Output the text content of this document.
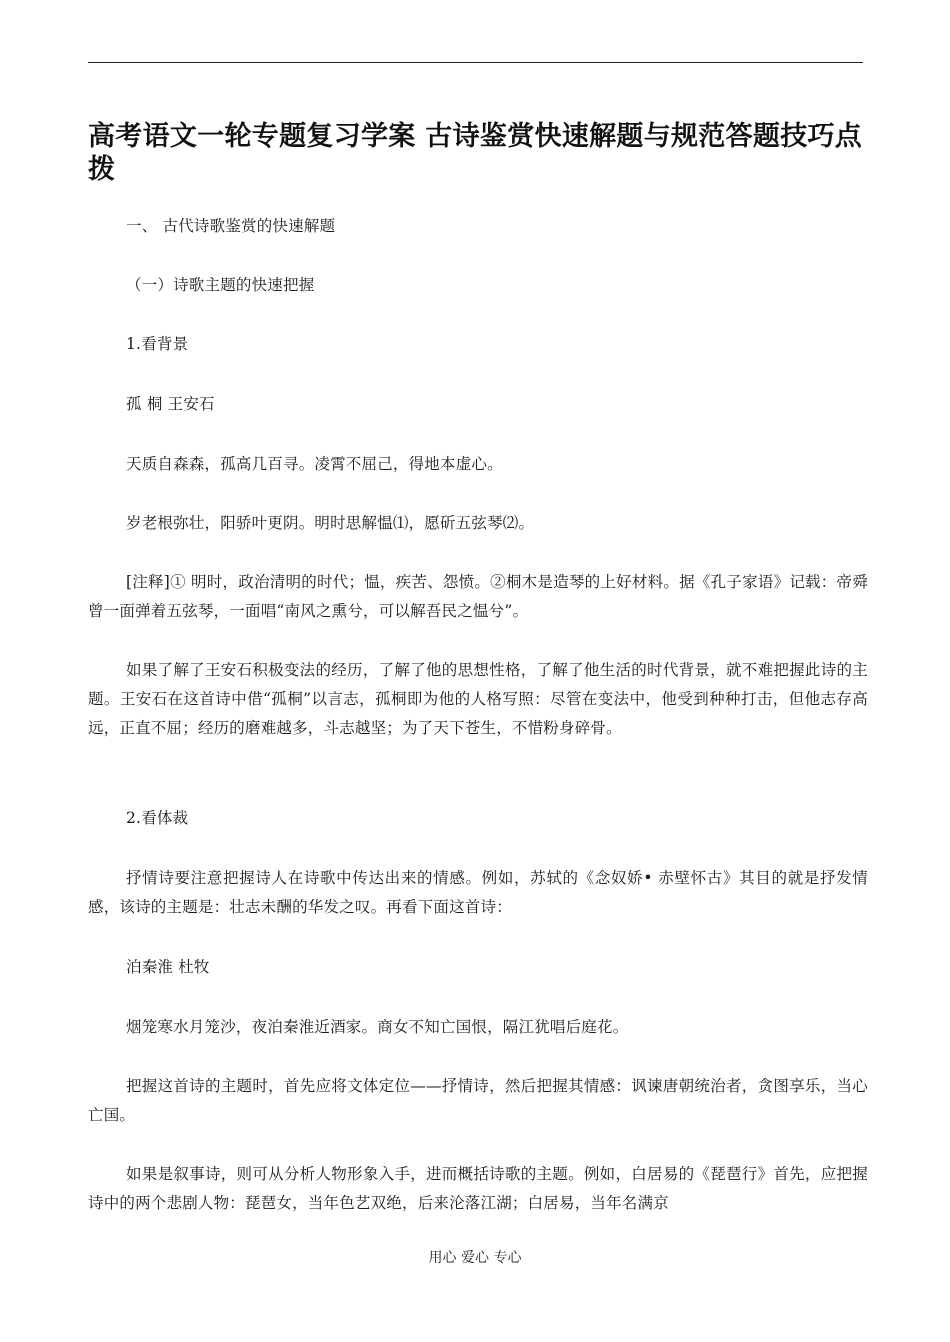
高考语文一轮专题复习学案 古诗鉴赏快速解题与规范答题技巧点拨

一、 古代诗歌鉴赏的快速解题

（一）诗歌主题的快速把握

1.看背景

孤 桐 王安石

天质自森森，孤高几百寻。凌霄不屈己，得地本虚心。

岁老根弥壮，阳骄叶更阴。明时思解愠⑴，愿斫五弦琴⑵。

[注释]① 明时，政治清明的时代；愠，疾苦、怨愤。②桐木是造琴的上好材料。据《孔子家语》记载：帝舜曾一面弹着五弦琴，一面唱“南风之熏兮，可以解吾民之愠兮”。

如果了解了王安石积极变法的经历，了解了他的思想性格，了解了他生活的时代背景，就不难把握此诗的主题。王安石在这首诗中借“孤桐”以言志，孤桐即为他的人格写照：尽管在变法中，他受到种种打击，但他志存高远，正直不屈；经历的磨难越多，斗志越坚；为了天下苍生，不惜粉身碎骨。

2.看体裁

抒情诗要注意把握诗人在诗歌中传达出来的情感。例如，苏轼的《念奴娇• 赤壁怀古》其目的就是抒发情感，该诗的主题是：壮志未酬的华发之叹。再看下面这首诗：

泊秦淮 杜牧

烟笼寒水月笼沙，夜泊秦淮近酒家。商女不知亡国恨，隔江犹唱后庭花。

把握这首诗的主题时，首先应将文体定位——抒情诗，然后把握其情感：讽谏唐朝统治者，贪图享乐，当心亡国。

如果是叙事诗，则可从分析人物形象入手，进而概括诗歌的主题。例如，白居易的《琵琶行》首先，应把握诗中的两个悲剧人物：琵琶女，当年色艺双绝，后来沦落江湖；白居易，当年名满京

用心 爱心 专心
